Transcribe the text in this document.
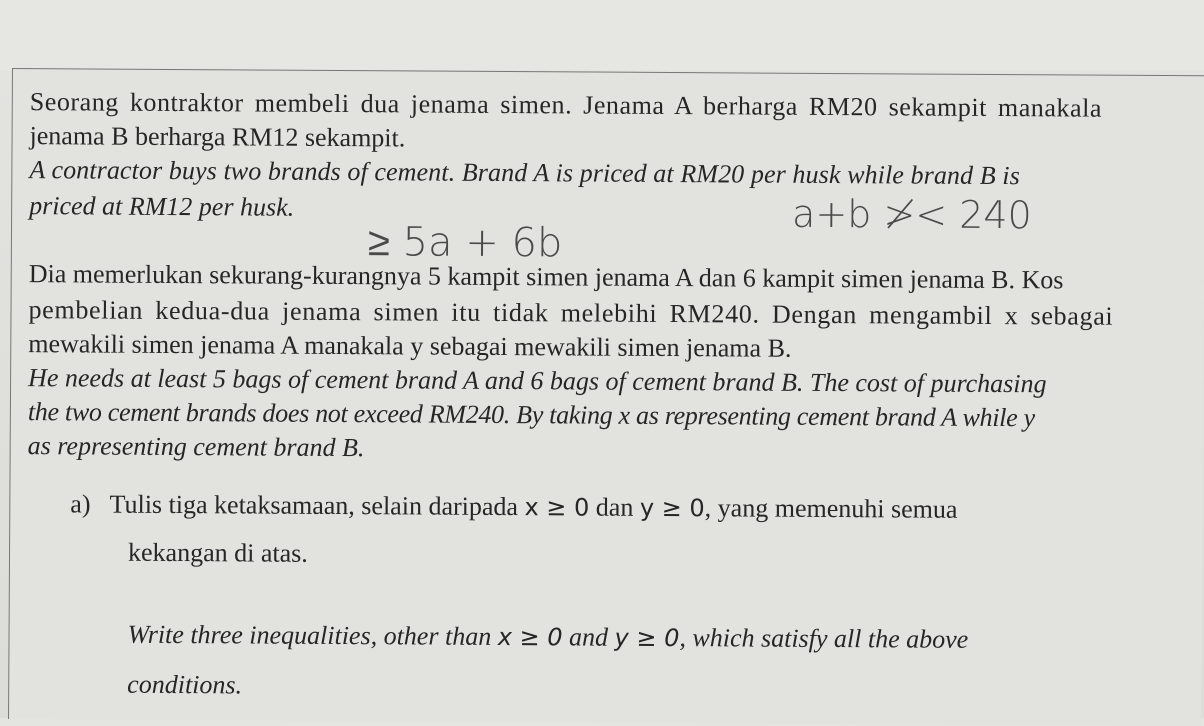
Seorang kontraktor membeli dua jenama simen. Jenama A berharga RM20 sekampit manakala
jenama B berharga RM12 sekampit.
A contractor buys two brands of cement. Brand A is priced at RM20 per husk while brand B is
priced at RM12 per husk.	a+b ≯< 240
≥ 5a + 6b
Dia memerlukan sekurang-kurangnya 5 kampit simen jenama A dan 6 kampit simen jenama B. Kos
pembelian kedua-dua jenama simen itu tidak melebihi RM240. Dengan mengambil x sebagai
mewakili simen jenama A manakala y sebagai mewakili simen jenama B.
He needs at least 5 bags of cement brand A and 6 bags of cement brand B. The cost of purchasing
the two cement brands does not exceed RM240. By taking x as representing cement brand A while y
as representing cement brand B.
a) Tulis tiga ketaksamaan, selain daripada x ≥ 0 dan y ≥ 0, yang memenuhi semua
kekangan di atas.
Write three inequalities, other than x ≥ 0 and y ≥ 0, which satisfy all the above
conditions.
